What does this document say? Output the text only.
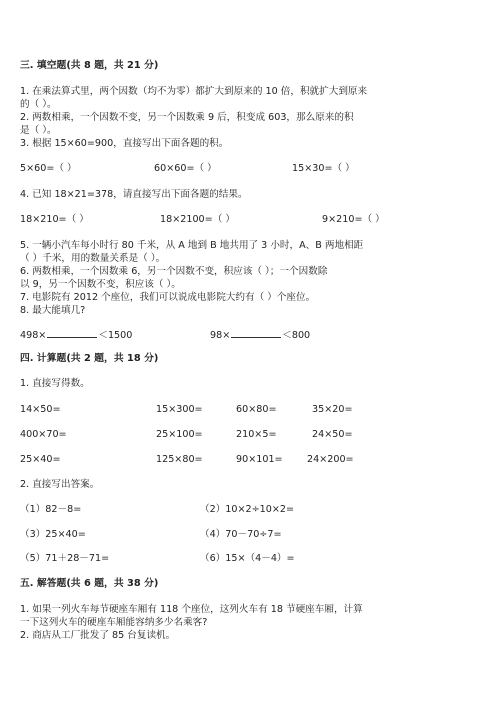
三. 填空题(共 8 题，共 21 分)
1. 在乘法算式里，两个因数（均不为零）都扩大到原来的 10 倍，积就扩大到原来
的（ ）。
2. 两数相乘，一个因数不变，另一个因数乘 9 后，积变成 603，那么原来的积
是（ ）。
3. 根据 15×60=900，直接写出下面各题的积。
5×60=（ ）	60×60=（ ）	15×30=（ ）
4. 已知 18×21=378，请直接写出下面各题的结果。
18×210=（ ）	18×2100=（ ）	9×210=（ ）
5. 一辆小汽车每小时行 80 千米，从 A 地到 B 地共用了 3 小时，A、B 两地相距
（ ）千米，用的数量关系是（ ）。
6. 两数相乘，一个因数乘 6，另一个因数不变，积应该（ ）；一个因数除
以 9，另一个因数不变，积应该（ ）。
7. 电影院有 2012 个座位，我们可以说成电影院大约有（ ）个座位。
8. 最大能填几?
498×	＜1500	98×	＜800
四. 计算题(共 2 题，共 18 分)
1. 直接写得数。
14×50=	15×300=	60×80=	35×20=
400×70=	25×100=	210×5=	24×50=
25×40=	125×80=	90×101=	24×200=
2. 直接写出答案。
（1）82－8=	（2）10×2÷10×2=
（3）25×40=	（4）70－70÷7=
（5）71＋28－71=	（6）15×（4－4）=
五. 解答题(共 6 题，共 38 分)
1. 如果一列火车每节硬座车厢有 118 个座位，这列火车有 18 节硬座车厢，计算
一下这列火车的硬座车厢能容纳多少名乘客?
2. 商店从工厂批发了 85 台复读机。
